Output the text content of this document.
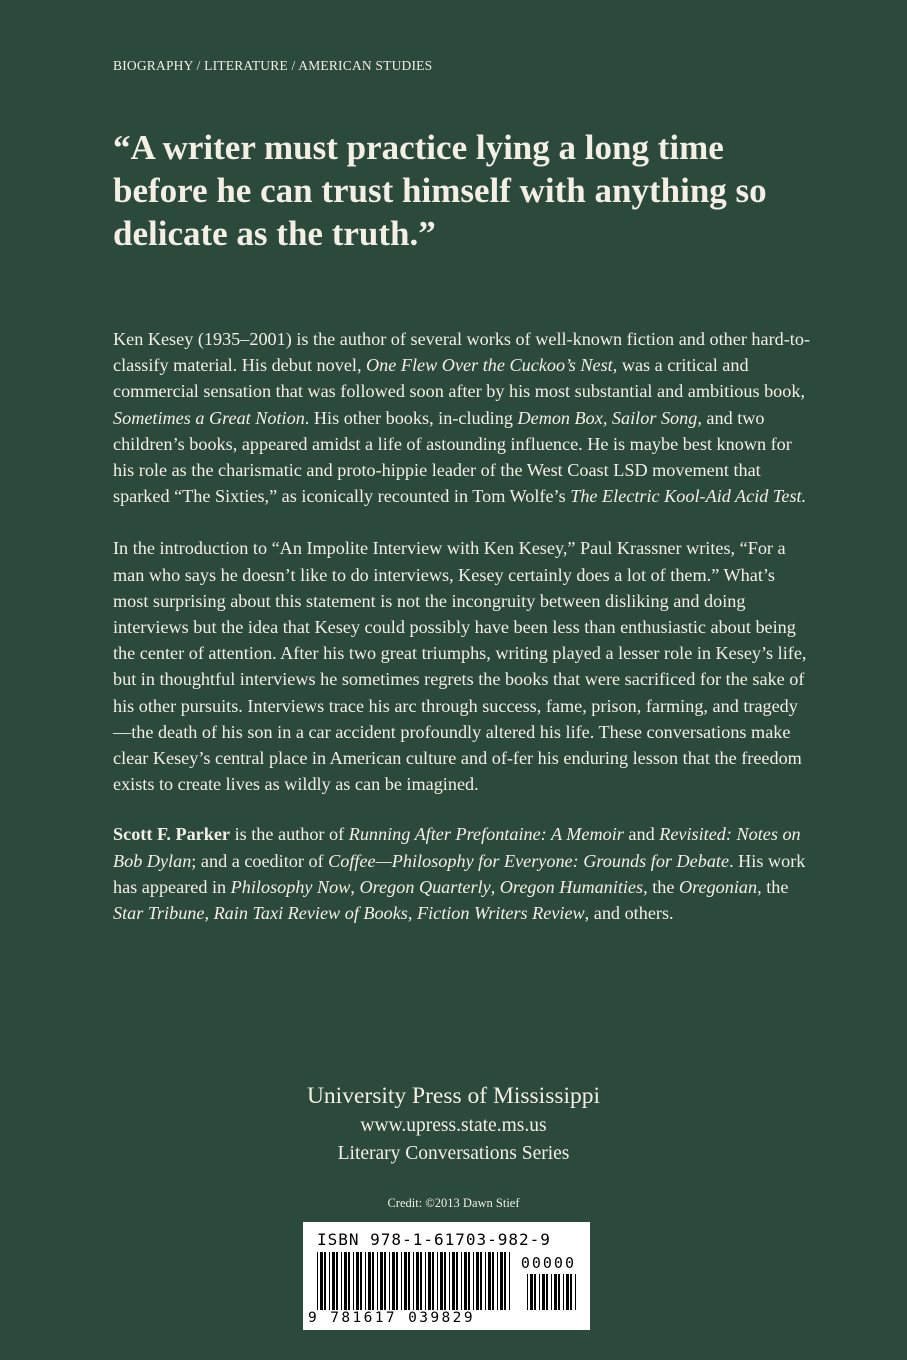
BIOGRAPHY / LITERATURE / AMERICAN STUDIES

“A writer must practice lying a long time before he can trust himself with anything so delicate as the truth.”

Ken Kesey (1935–2001) is the author of several works of well-known fiction and other hard-to-classify material. His debut novel, One Flew Over the Cuckoo’s Nest, was a critical and commercial sensation that was followed soon after by his most substantial and ambitious book, Sometimes a Great Notion. His other books, in-cluding Demon Box, Sailor Song, and two children’s books, appeared amidst a life of astounding influence. He is maybe best known for his role as the charismatic and proto-hippie leader of the West Coast LSD movement that sparked “The Sixties,” as iconically recounted in Tom Wolfe’s The Electric Kool-Aid Acid Test.

In the introduction to “An Impolite Interview with Ken Kesey,” Paul Krassner writes, “For a man who says he doesn’t like to do interviews, Kesey certainly does a lot of them.” What’s most surprising about this statement is not the incongruity between disliking and doing interviews but the idea that Kesey could possibly have been less than enthusiastic about being the center of attention. After his two great triumphs, writing played a lesser role in Kesey’s life, but in thoughtful interviews he sometimes regrets the books that were sacrificed for the sake of his other pursuits. Interviews trace his arc through success, fame, prison, farming, and tragedy—the death of his son in a car accident profoundly altered his life. These conversations make clear Kesey’s central place in American culture and of-fer his enduring lesson that the freedom exists to create lives as wildly as can be imagined.

Scott F. Parker is the author of Running After Prefontaine: A Memoir and Revisited: Notes on Bob Dylan; and a coeditor of Coffee—Philosophy for Everyone: Grounds for Debate. His work has appeared in Philosophy Now, Oregon Quarterly, Oregon Humanities, the Oregonian, the Star Tribune, Rain Taxi Review of Books, Fiction Writers Review, and others.

University Press of Mississippi
www.upress.state.ms.us
Literary Conversations Series
Credit: ©2013 Dawn Stief
ISBN 978-1-61703-982-9
00000
9 781617 039829
